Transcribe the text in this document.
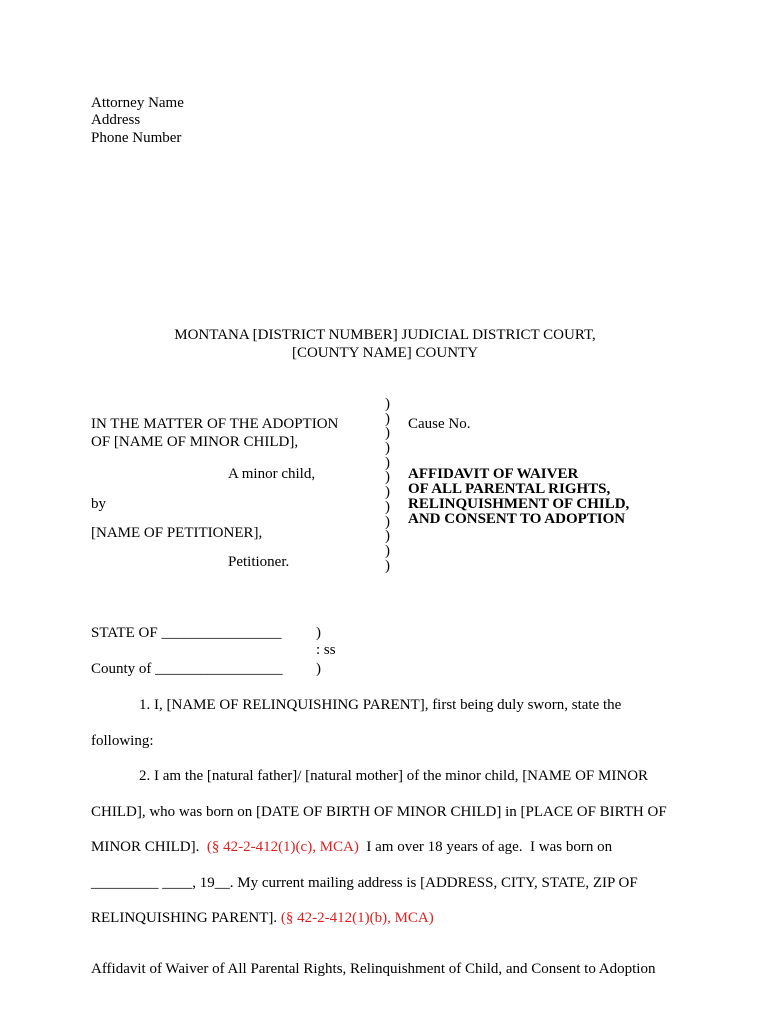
Attorney Name
Address
Phone Number
MONTANA [DISTRICT NUMBER] JUDICIAL DISTRICT COURT,
[COUNTY NAME] COUNTY
IN THE MATTER OF THE ADOPTION
OF [NAME OF MINOR CHILD],
A minor child,
by
[NAME OF PETITIONER],
Petitioner.
)
)
)
)
)
)
)
)
)
)
)
)
Cause No.
AFFIDAVIT OF WAIVER
OF ALL PARENTAL RIGHTS,
RELINQUISHMENT OF CHILD,
AND CONSENT TO ADOPTION
STATE OF ________________ )
: ss
County of _________________ )
1. I, [NAME OF RELINQUISHING PARENT], first being duly sworn, state the
following:
2. I am the [natural father]/ [natural mother] of the minor child, [NAME OF MINOR
CHILD], who was born on [DATE OF BIRTH OF MINOR CHILD] in [PLACE OF BIRTH OF
MINOR CHILD].  (§ 42-2-412(1)(c), MCA)  I am over 18 years of age.  I was born on
_________ ____, 19__. My current mailing address is [ADDRESS, CITY, STATE, ZIP OF
RELINQUISHING PARENT]. (§ 42-2-412(1)(b), MCA)
Affidavit of Waiver of All Parental Rights, Relinquishment of Child, and Consent to Adoption
